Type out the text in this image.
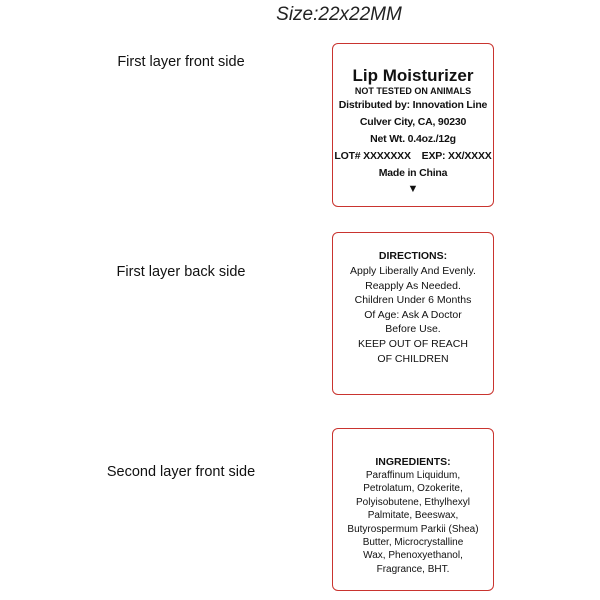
Size:22x22MM
First layer front side
First layer back side
Second layer front side
Lip Moisturizer
NOT TESTED ON ANIMALS
Distributed by: Innovation Line
Culver City, CA, 90230
Net Wt. 0.4oz./12g
LOT# XXXXXXX    EXP: XX/XXXX
Made in China
▼
DIRECTIONS:
Apply Liberally And Evenly.
Reapply As Needed.
Children Under 6 Months
Of Age: Ask A Doctor
Before Use.
KEEP OUT OF REACH
OF CHILDREN
INGREDIENTS:
Paraffinum Liquidum,
Petrolatum, Ozokerite,
Polyisobutene, Ethylhexyl
Palmitate, Beeswax,
Butyrospermum Parkii (Shea)
Butter, Microcrystalline
Wax, Phenoxyethanol,
Fragrance, BHT.
